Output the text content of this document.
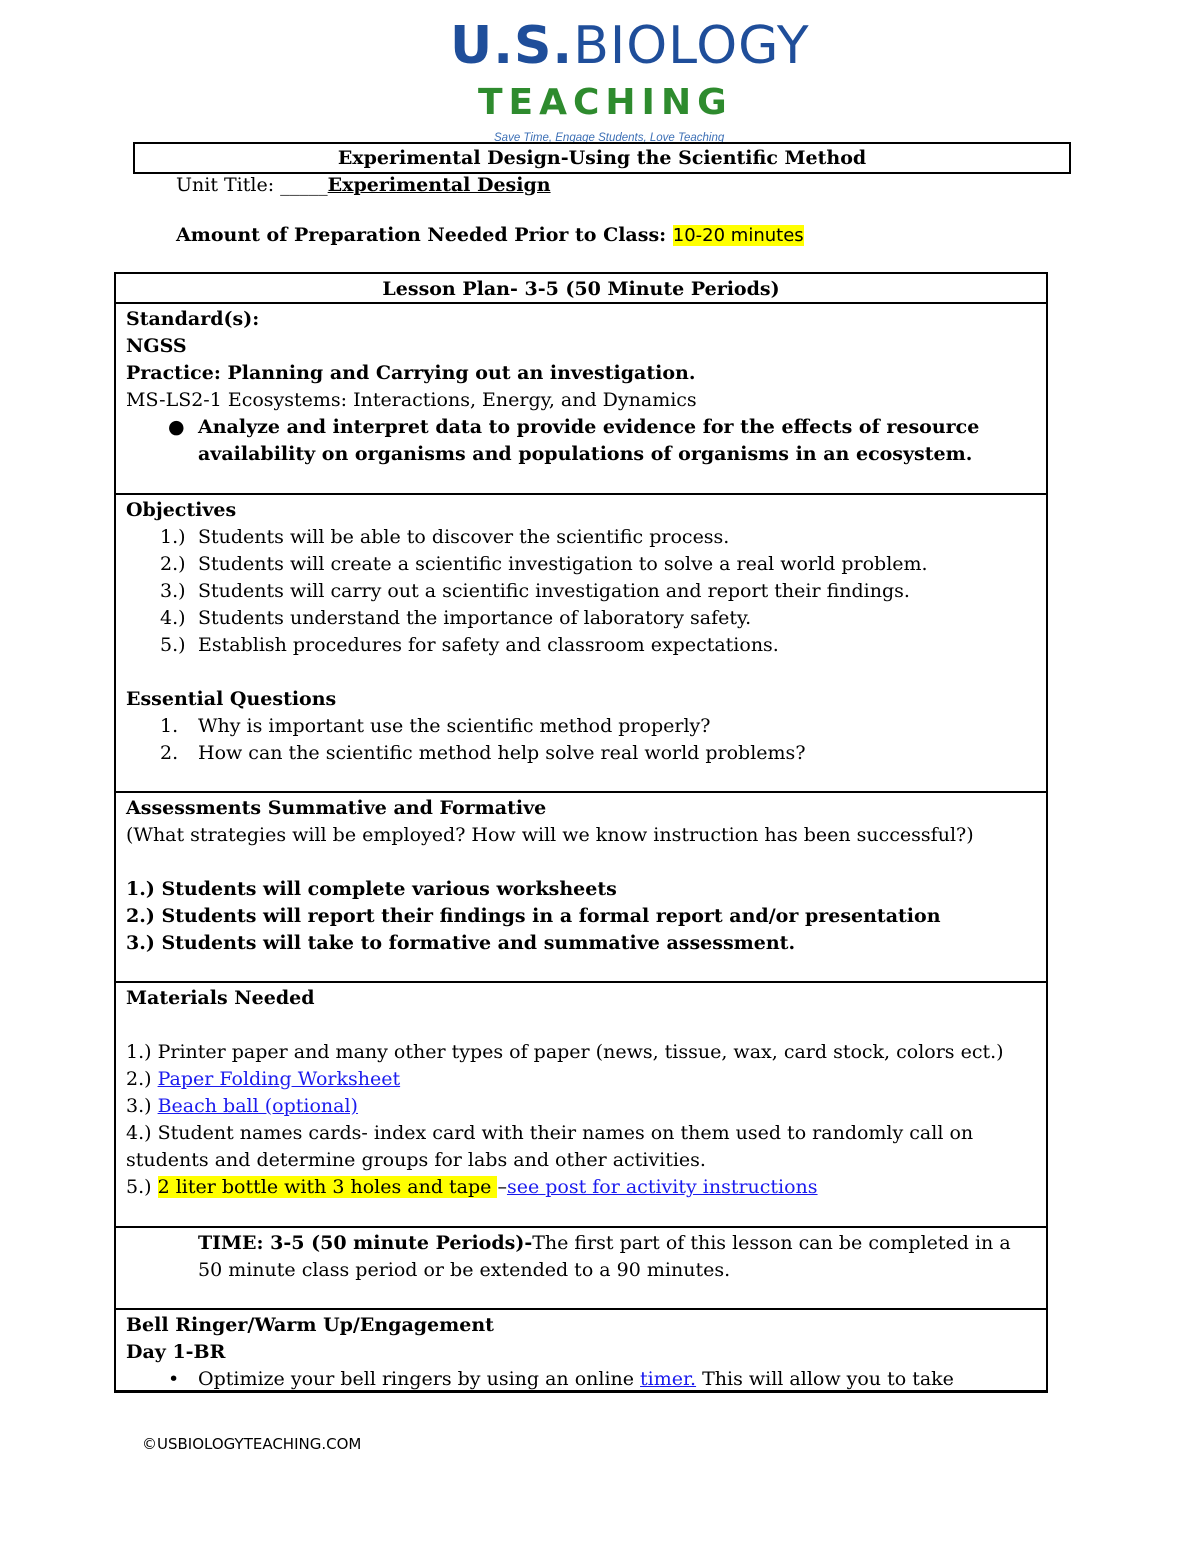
U.S.BIOLOGY
TEACHING
Save Time, Engage Students, Love Teaching
Experimental Design-Using the Scientific Method
Unit Title: _____Experimental Design
Amount of Preparation Needed Prior to Class: 10-20 minutes
Lesson Plan- 3-5 (50 Minute Periods)
Standard(s):
NGSS
Practice: Planning and Carrying out an investigation.
MS-LS2-1 Ecosystems: Interactions, Energy, and Dynamics
● Analyze and interpret data to provide evidence for the effects of resource availability on organisms and populations of organisms in an ecosystem.
Objectives
1.) Students will be able to discover the scientific process.
2.) Students will create a scientific investigation to solve a real world problem.
3.) Students will carry out a scientific investigation and report their findings.
4.) Students understand the importance of laboratory safety.
5.) Establish procedures for safety and classroom expectations.
Essential Questions
1. Why is important use the scientific method properly?
2. How can the scientific method help solve real world problems?
Assessments Summative and Formative
(What strategies will be employed? How will we know instruction has been successful?)
1.) Students will complete various worksheets
2.) Students will report their findings in a formal report and/or presentation
3.) Students will take to formative and summative assessment.
Materials Needed
1.) Printer paper and many other types of paper (news, tissue, wax, card stock, colors ect.)
2.) Paper Folding Worksheet
3.) Beach ball (optional)
4.) Student names cards- index card with their names on them used to randomly call on students and determine groups for labs and other activities.
5.) 2 liter bottle with 3 holes and tape –see post for activity instructions
TIME: 3-5 (50 minute Periods)-The first part of this lesson can be completed in a 50 minute class period or be extended to a 90 minutes.
Bell Ringer/Warm Up/Engagement
Day 1-BR
• Optimize your bell ringers by using an online timer. This will allow you to take
©USBIOLOGYTEACHING.COM
